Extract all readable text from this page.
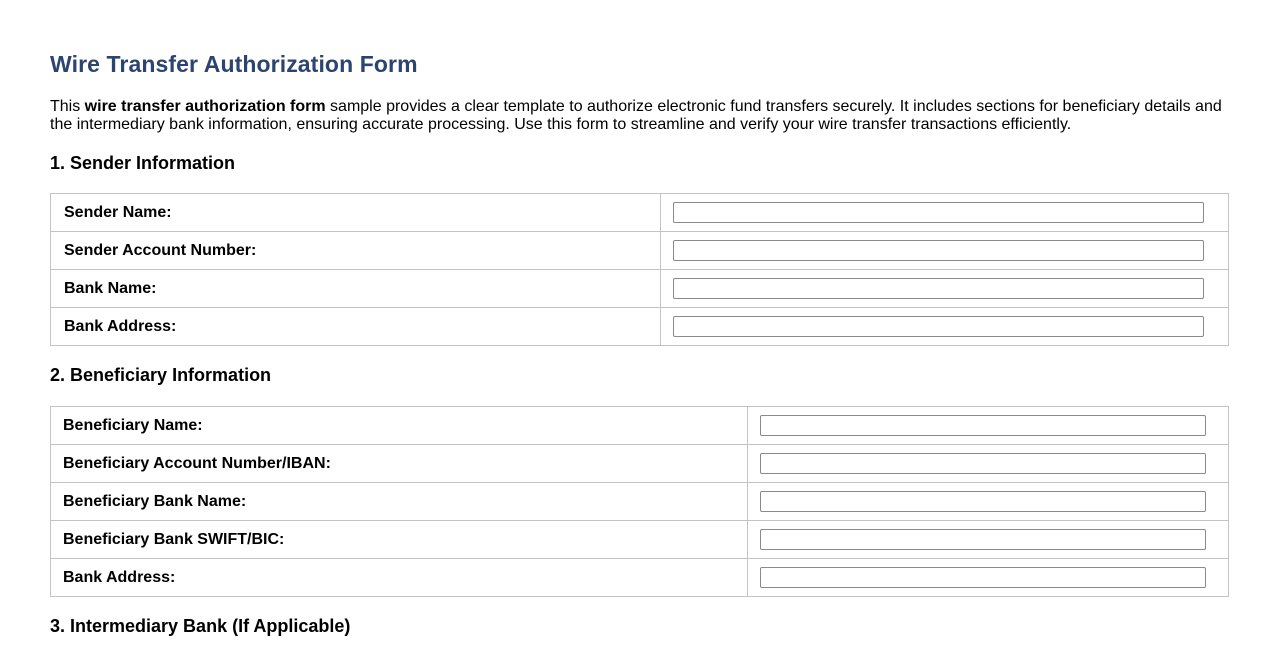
Wire Transfer Authorization Form

This wire transfer authorization form sample provides a clear template to authorize electronic fund transfers securely. It includes sections for beneficiary details and the intermediary bank information, ensuring accurate processing. Use this form to streamline and verify your wire transfer transactions efficiently.

1. Sender Information
Sender Name:	

Sender Account Number:	

Bank Name:	

Bank Address:	
2. Beneficiary Information
Beneficiary Name:	

Beneficiary Account Number/IBAN:	

Beneficiary Bank Name:	

Beneficiary Bank SWIFT/BIC:	

Bank Address:	
3. Intermediary Bank (If Applicable)
